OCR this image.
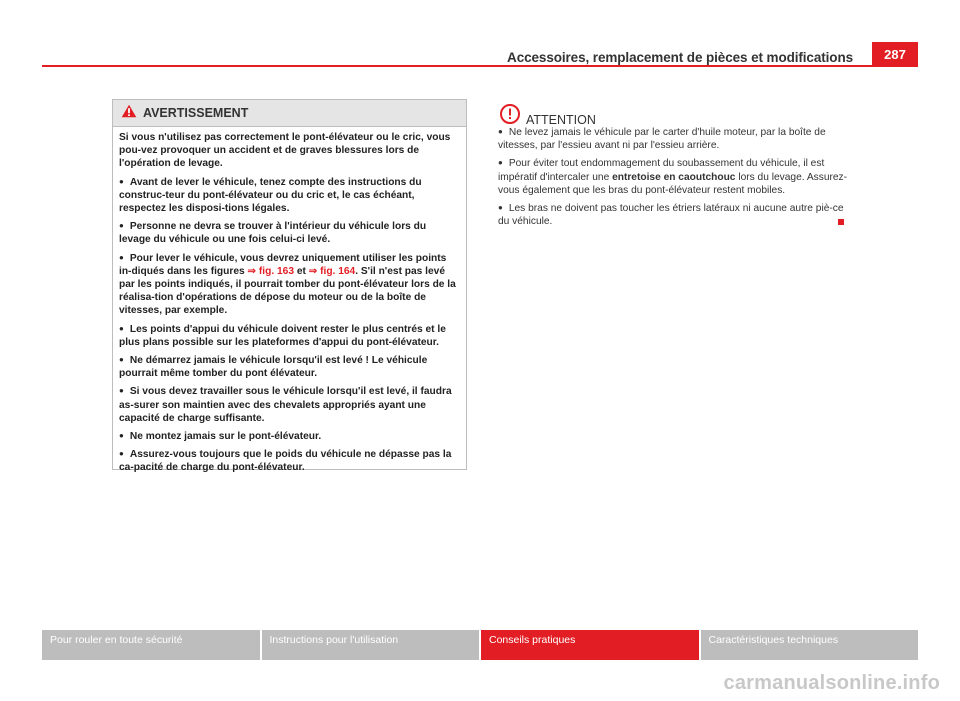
Accessoires, remplacement de pièces et modifications	287
AVERTISSEMENT

Si vous n'utilisez pas correctement le pont-élévateur ou le cric, vous pou-vez provoquer un accident et de graves blessures lors de l'opération de levage.

● Avant de lever le véhicule, tenez compte des instructions du construc-teur du pont-élévateur ou du cric et, le cas échéant, respectez les disposi-tions légales.

● Personne ne devra se trouver à l'intérieur du véhicule lors du levage du véhicule ou une fois celui-ci levé.

● Pour lever le véhicule, vous devrez uniquement utiliser les points in-diqués dans les figures ⇒ fig. 163 et ⇒ fig. 164. S'il n'est pas levé par les points indiqués, il pourrait tomber du pont-élévateur lors de la réalisa-tion d'opérations de dépose du moteur ou de la boîte de vitesses, par exemple.

● Les points d'appui du véhicule doivent rester le plus centrés et le plus plans possible sur les plateformes d'appui du pont-élévateur.

● Ne démarrez jamais le véhicule lorsqu'il est levé ! Le véhicule pourrait même tomber du pont élévateur.

● Si vous devez travailler sous le véhicule lorsqu'il est levé, il faudra as-surer son maintien avec des chevalets appropriés ayant une capacité de charge suffisante.

● Ne montez jamais sur le pont-élévateur.

● Assurez-vous toujours que le poids du véhicule ne dépasse pas la ca-pacité de charge du pont-élévateur.

ATTENTION

● Ne levez jamais le véhicule par le carter d'huile moteur, par la boîte de vitesses, par l'essieu avant ni par l'essieu arrière.

● Pour éviter tout endommagement du soubassement du véhicule, il est impératif d'intercaler une entretoise en caoutchouc lors du levage. Assurez-vous également que les bras du pont-élévateur restent mobiles.

● Les bras ne doivent pas toucher les étriers latéraux ni aucune autre piè-ce du véhicule.

Pour rouler en toute sécurité	Instructions pour l'utilisation	Conseils pratiques	Caractéristiques techniques
carmanualsonline.info
